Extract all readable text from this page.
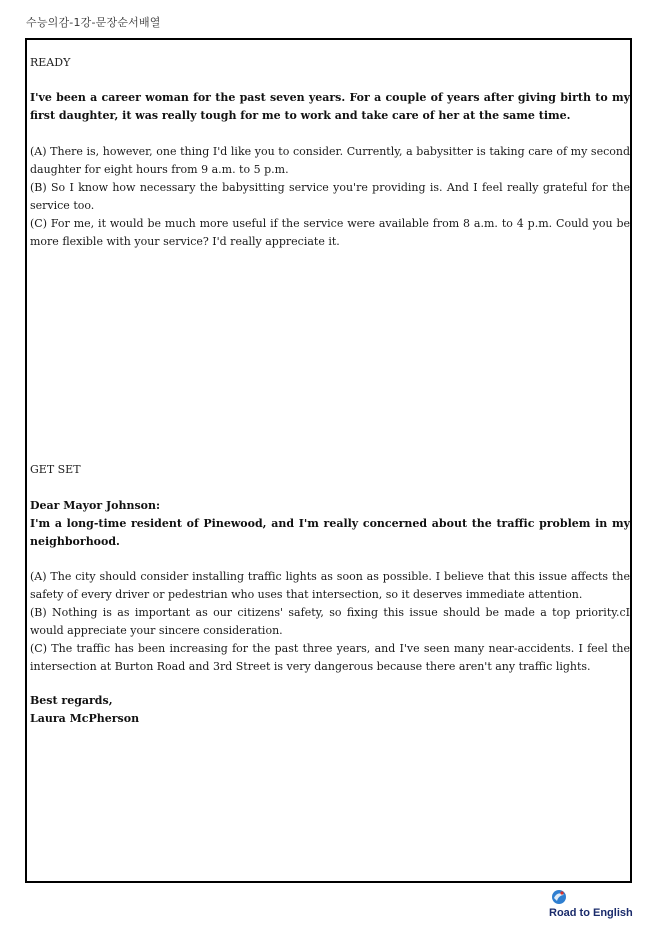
수능의감-1강-문장순서배열
READY

I've been a career woman for the past seven years. For a couple of years after giving birth to my first daughter, it was really tough for me to work and take care of her at the same time.

(A) There is, however, one thing I'd like you to consider. Currently, a babysitter is taking care of my second daughter for eight hours from 9 a.m. to 5 p.m.

(B) So I know how necessary the babysitting service you're providing is. And I feel really grateful for the service too.

(C) For me, it would be much more useful if the service were available from 8 a.m. to 4 p.m. Could you be more flexible with your service? I'd really appreciate it.

GET SET

Dear Mayor Johnson:

I'm a long-time resident of Pinewood, and I'm really concerned about the traffic problem in my neighborhood.

(A) The city should consider installing traffic lights as soon as possible. I believe that this issue affects the safety of every driver or pedestrian who uses that intersection, so it deserves immediate attention.

(B) Nothing is as important as our citizens' safety, so fixing this issue should be made a top priority.cI would appreciate your sincere consideration.

(C) The traffic has been increasing for the past three years, and I've seen many near-accidents. I feel the intersection at Burton Road and 3rd Street is very dangerous because there aren't any traffic lights.

Best regards,

Laura McPherson

Road to English
